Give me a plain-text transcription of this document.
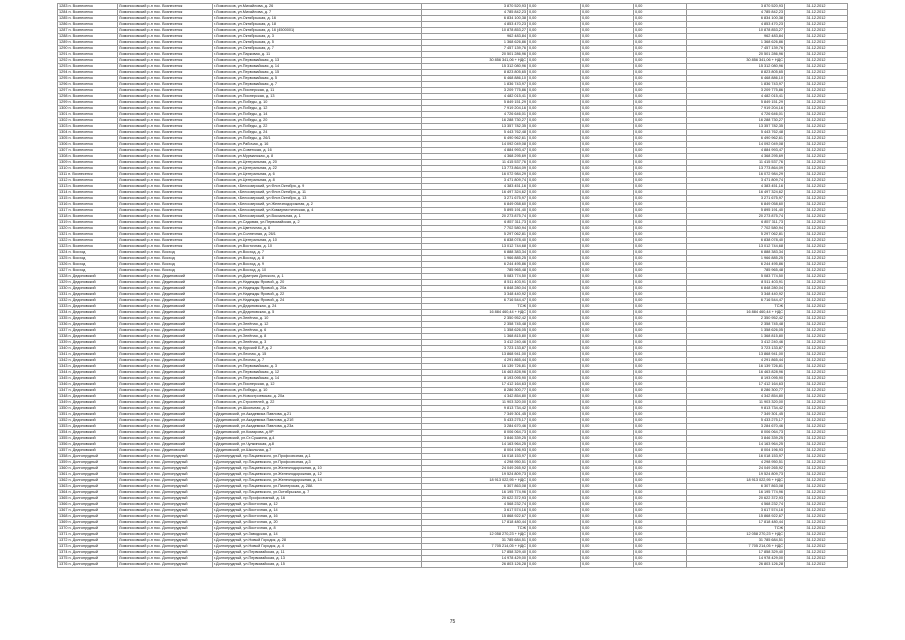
1283 п. Вознесенск	Ломоносовский р-н пос. Вознесенск	г.Ломоносов, ул.Михайлова, д. 26	3 870 520,93	0,00	0,00	0,00	3 870 520,93	31.12.2012
1284 п. Вознесенск	Ломоносовский р-н пос. Вознесенск	г.Ломоносов, ул.Михайлова, д. 7	4 785 842,23	0,00	0,00	0,00	4 785 842,23	31.12.2012
1285 п. Вознесенск	Ломоносовский р-н пос. Вознесенск	г.Ломоносов, ул.Октябрьская, д. 16	6 834 100,38	0,00	0,00	0,00	6 834 100,38	31.12.2012
1286 п. Вознесенск	Ломоносовский р-н пос. Вознесенск	г.Ломоносов, ул.Октябрьская, д. 18	4 853 470,23	0,00	0,00	0,00	4 853 470,23	31.12.2012
1287 п. Вознесенск	Ломоносовский р-н пос. Вознесенск	г.Ломоносов, ул.Октябрьская, д. 16 (4500001)	10 878 853,27	0,00	0,00	0,00	10 878 853,27	31.12.2012
1288 п. Вознесенск	Ломоносовский р-н пос. Вознесенск	г.Ломоносов, ул.Октябрьская, д. 3	962 483,84	0,00	0,00	0,00	962 483,84	31.12.2012
1289 п. Вознесенск	Ломоносовский р-н пос. Вознесенск	г.Ломоносов, ул.Октябрьская, д. 5	1 368 626,86	0,00	0,00	0,00	1 368 626,86	31.12.2012
1290 п. Вознесенск	Ломоносовский р-н пос. Вознесенск	г.Ломоносов, ул.Октябрьская, д. 7	7 457 139,76	0,00	0,00	0,00	7 457 139,76	31.12.2012
1291 п. Вознесенск	Ломоносовский р-н пос. Вознесенск	г.Ломоносов, ул.Парковая, д. 11	20 501 286,96	0,00	0,00	0,00	20 501 286,96	31.12.2012
1292 п. Вознесенск	Ломоносовский р-н пос. Вознесенск	г.Ломоносов, ул.Первомайская, д. 13	30 856 341,06 + НДС	0,00	0,00	0,00	30 856 341,06 + НДС	31.12.2012
1293 п. Вознесенск	Ломоносовский р-н пос. Вознесенск	г.Ломоносов, ул.Первомайская, д. 14	15 312 080,96	0,00	0,00	0,00	15 312 080,96	31.12.2012
1294 п. Вознесенск	Ломоносовский р-н пос. Вознесенск	г.Ломоносов, ул.Первомайская, д. 15	8 823 805,65	0,00	0,00	0,00	8 823 805,65	31.12.2012
1295 п. Вознесенск	Ломоносовский р-н пос. Вознесенск	г.Ломоносов, ул.Первомайская, д. 5	6 468 886,10	0,00	0,00	0,00	6 468 886,10	31.12.2012
1296 п. Вознесенск	Ломоносовский р-н пос. Вознесенск	г.Ломоносов, ул.Первомайская, д. 7	1 836 743,97	0,00	0,00	0,00	1 836 743,97	31.12.2012
1297 п. Вознесенск	Ломоносовский р-н пос. Вознесенск	г.Ломоносов, ул.Пионерская, д. 11	3 209 775,86	0,00	0,00	0,00	3 209 775,86	31.12.2012
1298 п. Вознесенск	Ломоносовский р-н пос. Вознесенск	г.Ломоносов, ул.Пионерская, д. 13	4 482 015,41	0,00	0,00	0,00	4 482 015,41	31.12.2012
1299 п. Вознесенск	Ломоносовский р-н пос. Вознесенск	г.Ломоносов, ул.Победы, д. 10	5 849 151,29	0,00	0,00	0,00	5 849 151,29	31.12.2012
1300 п. Вознесенск	Ломоносовский р-н пос. Вознесенск	г.Ломоносов, ул.Победы, д. 12	7 919 204,16	0,00	0,00	0,00	7 919 204,16	31.12.2012
1301 п. Вознесенск	Ломоносовский р-н пос. Вознесенск	г.Ломоносов, ул.Победы, д. 14	4 726 646,01	0,00	0,00	0,00	4 726 646,01	31.12.2012
1302 п. Вознесенск	Ломоносовский р-н пос. Вознесенск	г.Ломоносов, ул.Победы, д. 20	16 288 730,27	0,00	0,00	0,00	16 288 730,27	31.12.2012
1303 п. Вознесенск	Ломоносовский р-н пос. Вознесенск	г.Ломоносов, ул.Победы, д. 22	13 357 782,35	0,00	0,00	0,00	13 357 782,35	31.12.2012
1304 п. Вознесенск	Ломоносовский р-н пос. Вознесенск	г.Ломоносов, ул.Победы, д. 24	5 443 762,48	0,00	0,00	0,00	5 443 762,48	31.12.2012
1305 п. Вознесенск	Ломоносовский р-н пос. Вознесенск	г.Ломоносов, ул.Победы, д. 26/1	6 490 962,61	0,00	0,00	0,00	6 490 962,61	31.12.2012
1306 п. Вознесенск	Ломоносовский р-н пос. Вознесенск	г.Ломоносов, ул.Рабочая, д. 16	14 092 049,08	0,00	0,00	0,00	14 092 049,08	31.12.2012
1307 п. Вознесенск	Ломоносовский р-н пос. Вознесенск	г.Ломоносов, ул.Советская, д. 16	4 884 993,47	0,00	0,00	0,00	4 884 993,47	31.12.2012
1308 п. Вознесенск	Ломоносовский р-н пос. Вознесенск	г.Ломоносов, ул.Мурманская, д. 8	4 368 295,69	0,00	0,00	0,00	4 368 295,69	31.12.2012
1309 п. Вознесенск	Ломоносовский р-н пос. Вознесенск	г.Ломоносов, ул.Центральная, д. 20	11 415 537,76	0,00	0,00	0,00	11 415 537,76	31.12.2012
1310 п. Вознесенск	Ломоносовский р-н пос. Вознесенск	г.Ломоносов, ул.Центральная, д. 22	13 773 864,09	0,00	0,00	0,00	13 773 864,09	31.12.2012
1311 п. Вознесенск	Ломоносовский р-н пос. Вознесенск	г.Ломоносов, ул.Центральная, д. 6	16 072 984,29	0,00	0,00	0,00	16 072 984,29	31.12.2012
1312 п. Вознесенск	Ломоносовский р-н пос. Вознесенск	г.Ломоносов, ул.Центральная, д. 8	3 471 809,74	0,00	0,00	0,00	3 471 809,74	31.12.2012
1313 п. Вознесенск	Ломоносовский р-н пос. Вознесенск	г.Ломоносов, г.Белоозерский, ул.Флот.Октября, д. 9	4 383 451,16	0,00	0,00	0,00	4 383 451,16	31.12.2012
1314 п. Вознесенск	Ломоносовский р-н пос. Вознесенск	г.Ломоносов, г.Белоозерский, ул.Флот.Октября, д. 11	16 497 324,62	0,00	0,00	0,00	16 497 324,62	31.12.2012
1315 п. Вознесенск	Ломоносовский р-н пос. Вознесенск	г.Ломоносов, г.Белоозерский, ул.Флот.Октября, д. 13	3 271 675,97	0,00	0,00	0,00	3 271 675,97	31.12.2012
1316 п. Вознесенск	Ломоносовский р-н пос. Вознесенск	г.Ломоносов, г.Белоозерский, ул.Железнодорожная, д. 2	6 849 058,60	0,00	0,00	0,00	6 849 058,60	31.12.2012
1317 п. Вознесенск	Ломоносовский р-н пос. Вознесенск	г.Ломоносов, г.Белоозерский, ул.Коммунистическая, д. 4	5 895 191,40	0,00	0,00	0,00	5 895 191,40	31.12.2012
1318 п. Вознесенск	Ломоносовский р-н пос. Вознесенск	г.Ломоносов, г.Белоозерский, ул.Вокзальная, д. 1	20 273 875,74	0,00	0,00	0,00	20 273 875,74	31.12.2012
1319 п. Вознесенск	Ломоносовский р-н пос. Вознесенск	г.Ломоносов, ул.Садовая, ул.Первомайская, д. 2	6 857 311,73	0,00	0,00	0,00	6 857 311,73	31.12.2012
1320 п. Вознесенск	Ломоносовский р-н пос. Вознесенск	г.Ломоносов, ул.Цветочная, д. 6	7 702 580,94	0,00	0,00	0,00	7 702 580,94	31.12.2012
1321 п. Вознесенск	Ломоносовский р-н пос. Вознесенск	г.Ломоносов, ул.Солнечная, д. 26/1	5 297 062,81	0,00	0,00	0,00	5 297 062,81	31.12.2012
1322 п. Вознесенск	Ломоносовский р-н пос. Вознесенск	г.Ломоносов, ул.Центральная, д. 10	6 838 078,40	0,00	0,00	0,00	6 838 078,40	31.12.2012
1323 п. Вознесенск	Ломоносовский р-н пос. Вознесенск	г.Ломоносов, ул.Восточная, д. 10	13 012 744,68	0,00	0,00	0,00	13 012 744,68	31.12.2012
1324 п. Восход	Ломоносовский р-н пос. Восход	г.Ломоносов, ул.Восход, д. 7	6 888 383,34	0,00	0,00	0,00	6 888 383,34	31.12.2012
1325 п. Восход	Ломоносовский р-н пос. Восход	г.Ломоносов, ул.Восход, д. 8	1 966 885,25	0,00	0,00	0,00	1 966 885,25	31.12.2012
1326 п. Восход	Ломоносовский р-н пос. Восход	г.Ломоносов, ул.Восход, д. 9	6 244 495,86	0,00	0,00	0,00	6 244 495,86	31.12.2012
1327 п. Восход	Ломоносовский р-н пос. Восход	г.Ломоносов, ул.Восход, д. 10	785 965,48	0,00	0,00	0,00	785 965,48	31.12.2012
1328 п. Дединовский	Ломоносовский р-н пос. Дединовский	г.Ломоносов, ул.Дмитрия Донского, д. 1	5 083 774,50	0,00	0,00	0,00	5 083 774,50	31.12.2012
1329 п. Дединовский	Ломоносовский р-н пос. Дединовский	г.Ломоносов, ул.Надежды Яровой, д. 20	8 511 403,91	0,00	0,00	0,00	8 511 403,91	31.12.2012
1330 п. Дединовский	Ломоносовский р-н пос. Дединовский	г.Ломоносов, ул.Надежды Яровой, д. 20а	6 848 280,04	0,00	0,00	0,00	6 848 280,04	31.12.2012
1331 п. Дединовский	Ломоносовский р-н пос. Дединовский	г.Ломоносов, ул.Надежды Яровой, д. 22	3 348 440,92	0,00	0,00	0,00	3 348 440,92	31.12.2012
1332 п. Дединовский	Ломоносовский р-н пос. Дединовский	г.Ломоносов, ул.Надежды Яровой, д. 24	6 716 544,47	0,00	0,00	0,00	6 716 544,47	31.12.2012
1333 п. Дединовский	Ломоносовский р-н пос. Дединовский	г.Ломоносов, ул.Дединовская, д. 24	ТСЖ	0,00	0,00	0,00	ТСЖ	31.12.2012
1334 п. Дединовский	Ломоносовский р-н пос. Дединовский	г.Ломоносов, ул.Дединовская, д. 5	16 884 460,44 + НДС	0,00	0,00	0,00	16 884 460,44 + НДС	31.12.2012
1335 п. Дединовский	Ломоносовский р-н пос. Дединовский	г.Ломоносов, ул.Зелёная, д. 10	2 350 952,42	0,00	0,00	0,00	2 350 952,42	31.12.2012
1336 п. Дединовский	Ломоносовский р-н пос. Дединовский	г.Ломоносов, ул.Зелёная, д. 12	2 358 745,48	0,00	0,00	0,00	2 358 745,48	31.12.2012
1337 п. Дединовский	Ломоносовский р-н пос. Дединовский	г.Ломоносов, ул.Зелёная, д. 6	1 358 626,05	0,00	0,00	0,00	1 358 626,05	31.12.2012
1338 п. Дединовский	Ломоносовский р-н пос. Дединовский	г.Ломоносов, ул.Зелёная, д. 8	1 368 815,80	0,00	0,00	0,00	1 368 815,80	31.12.2012
1339 п. Дединовский	Ломоносовский р-н пос. Дединовский	г.Ломоносов, ул.Зелёная, д. 3	3 412 240,46	0,00	0,00	0,00	3 412 240,46	31.12.2012
1340 п. Дединовский	Ломоносовский р-н пос. Дединовский	г.Ломоносов, пр.Курский Б-Р, д. 2	3 723 133,87	0,00	0,00	0,00	3 723 133,87	31.12.2012
1341 п. Дединовский	Ломоносовский р-н пос. Дединовский	г.Ломоносов, ул.Лесная, д. 15	13 868 941,00	0,00	0,00	0,00	13 868 941,00	31.12.2012
1342 п. Дединовский	Ломоносовский р-н пос. Дединовский	г.Ломоносов, ул.Лесная, д. 7	4 291 865,44	0,00	0,00	0,00	4 291 865,44	31.12.2012
1343 п. Дединовский	Ломоносовский р-н пос. Дединовский	г.Ломоносов, ул.Первомайская, д. 3	16 139 726,81	0,00	0,00	0,00	16 139 726,81	31.12.2012
1344 п. Дединовский	Ломоносовский р-н пос. Дединовский	г.Ломоносов, ул.Первомайская, д. 12	16 463 828,96	0,00	0,00	0,00	16 463 828,96	31.12.2012
1345 п. Дединовский	Ломоносовский р-н пос. Дединовский	г.Ломоносов, ул.Первомайская, д. 14	8 193 095,90	0,00	0,00	0,00	8 193 095,90	31.12.2012
1346 п. Дединовский	Ломоносовский р-н пос. Дединовский	г.Ломоносов, ул.Пионерская, д. 12	17 412 164,63	0,00	0,00	0,00	17 412 164,63	31.12.2012
1347 п. Дединовский	Ломоносовский р-н пос. Дединовский	г.Ломоносов, ул.Победы, д. 10	8 286 300,77	0,00	0,00	0,00	8 286 300,77	31.12.2012
1348 п. Дединовский	Ломоносовский р-н пос. Дединовский	г.Ломоносов, ул.Новостроевская, д. 20а	4 342 854,80	0,00	0,00	0,00	4 342 854,80	31.12.2012
1349 п. Дединовский	Ломоносовский р-н пос. Дединовский	г.Ломоносов, ул.Строителей, д. 22	11 903 320,00	0,00	0,00	0,00	11 903 320,00	31.12.2012
1350 п. Дединовский	Ломоносовский р-н пос. Дединовский	г.Ломоносов, ул.Школьная, д. 2	9 813 734,42	0,00	0,00	0,00	9 813 734,42	31.12.2012
1351 п. Дединовский	Ломоносовский р-н пос. Дединовский	г.Дединовский, ул.Академика Павлова, д.21	7 349 301,45	0,00	0,00	0,00	7 349 301,45	31.12.2012
1352 п. Дединовский	Ломоносовский р-н пос. Дединовский	г.Дединовский, ул.Академика Павлова, д.21б	5 433 275,17	0,00	0,00	0,00	5 433 275,17	31.12.2012
1353 п. Дединовский	Ломоносовский р-н пос. Дединовский	г.Дединовский, ул.Академика Павлова, д.23а	3 284 670,46	0,00	0,00	0,00	3 284 670,46	31.12.2012
1354 п. Дединовский	Ломоносовский р-н пос. Дединовский	г.Дединовский, ул.Комарова, д.9Р	8 006 064,73	0,00	0,00	0,00	8 006 064,73	31.12.2012
1355 п. Дединовский	Ломоносовский р-н пос. Дединовский	г.Дединовский, ул.Ст.Сушкина, д.4	3 846 339,25	0,00	0,00	0,00	3 846 339,25	31.12.2012
1356 п. Дединовский	Ломоносовский р-н пос. Дединовский	г.Дединовский, ул.Чулкинская, д.8	14 163 964,25	0,00	0,00	0,00	14 163 964,25	31.12.2012
1357 п. Дединовский	Ломоносовский р-н пос. Дединовский	г.Дединовский, ул.Школьная, д.7	8 004 196,93	0,00	0,00	0,00	8 004 196,93	31.12.2012
1358 п. Долгопрудный	Ломоносовский р-н пос. Долгопрудный	г.Долгопрудный, пр.Пацаевского, ул.Профсоюзная, д.1	16 018 153,97	0,00	0,00	0,00	16 018 153,97	31.12.2012
1359 п. Долгопрудный	Ломоносовский р-н пос. Долгопрудный	г.Долгопрудный, пр.Пацаевского, ул.Профсоюзная, д.3	4 298 950,51	0,00	0,00	0,00	4 298 950,51	31.12.2012
1360 п. Долгопрудный	Ломоносовский р-н пос. Долгопрудный	г.Долгопрудный, пр.Пацаевского, ул.Железнодорожная, д. 10	24 049 265,92	0,00	0,00	0,00	24 049 265,92	31.12.2012
1361 п. Долгопрудный	Ломоносовский р-н пос. Долгопрудный	г.Долгопрудный, пр.Пацаевского, ул.Железнодорожная, д. 12	19 524 809,73	0,00	0,00	0,00	19 524 809,73	31.12.2012
1362 п. Долгопрудный	Ломоносовский р-н пос. Долгопрудный	г.Долгопрудный, пр.Пацаевского, ул.Железнодорожная, д. 14	18 913 022,95 + НДС	0,00	0,00	0,00	18 913 022,95 + НДС	31.12.2012
1363 п. Долгопрудный	Ломоносовский р-н пос. Долгопрудный	г.Долгопрудный, пр.Пацаевского, ул.Пионерская, д. 28А	6 307 863,08	0,00	0,00	0,00	6 307 863,08	31.12.2012
1364 п. Долгопрудный	Ломоносовский р-н пос. Долгопрудный	г.Долгопрудный, пр.Пацаевского, ул.Октябрьская, д. 7	16 195 774,96	0,00	0,00	0,00	16 195 774,96	31.12.2012
1365 п. Долгопрудный	Ломоносовский р-н пос. Долгопрудный	г.Долгопрудный, пр.Профсоюзный, д. 16	20 622 372,93	0,00	0,00	0,00	20 622 372,93	31.12.2012
1366 п. Долгопрудный	Ломоносовский р-н пос. Долгопрудный	г.Долгопрудный, ул.Восточная, д. 12	4 568 232,74	0,00	0,00	0,00	4 568 232,74	31.12.2012
1367 п. Долгопрудный	Ломоносовский р-н пос. Долгопрудный	г.Долгопрудный, ул.Восточная, д. 14	3 617 574,16	0,00	0,00	0,00	3 617 574,16	31.12.2012
1368 п. Долгопрудный	Ломоносовский р-н пос. Долгопрудный	г.Долгопрудный, ул.Восточная, д. 16	15 868 922,67	0,00	0,00	0,00	15 868 922,67	31.12.2012
1369 п. Долгопрудный	Ломоносовский р-н пос. Долгопрудный	г.Долгопрудный, ул.Восточная, д. 20	17 818 480,44	0,00	0,00	0,00	17 818 480,44	31.12.2012
1370 п. Долгопрудный	Ломоносовский р-н пос. Долгопрудный	г.Долгопрудный, ул.Восточная, д. 8	ТСЖ	0,00	0,00	0,00	ТСЖ	31.12.2012
1371 п. Долгопрудный	Ломоносовский р-н пос. Долгопрудный	г.Долгопрудный, ул.Заводская, д. 14	12 058 270,23 + НДС	0,00	0,00	0,00	12 058 270,23 + НДС	31.12.2012
1372 п. Долгопрудный	Ломоносовский р-н пос. Долгопрудный	г.Долгопрудный, ул.Новый Городок, д. 28	31 785 684,51	0,00	0,00	0,00	31 785 684,51	31.12.2012
1373 п. Долгопрудный	Ломоносовский р-н пос. Долгопрудный	г.Долгопрудный, ул.Новый Городок, д. 4	7 705 214,05 + НДС	0,00	0,00	0,00	7 705 214,05 + НДС	31.12.2012
1374 п. Долгопрудный	Ломоносовский р-н пос. Долгопрудный	г.Долгопрудный, ул.Первомайская, д. 11	17 858 329,40	0,00	0,00	0,00	17 858 329,40	31.12.2012
1375 п. Долгопрудный	Ломоносовский р-н пос. Долгопрудный	г.Долгопрудный, ул.Первомайская, д. 13	14 978 429,00	0,00	0,00	0,00	14 978 429,00	31.12.2012
1376 п. Долгопрудный	Ломоносовский р-н пос. Долгопрудный	г.Долгопрудный, ул.Первомайская, д. 15	26 803 126,28	0,00	0,00	0,00	26 803 126,28	31.12.2012
75
